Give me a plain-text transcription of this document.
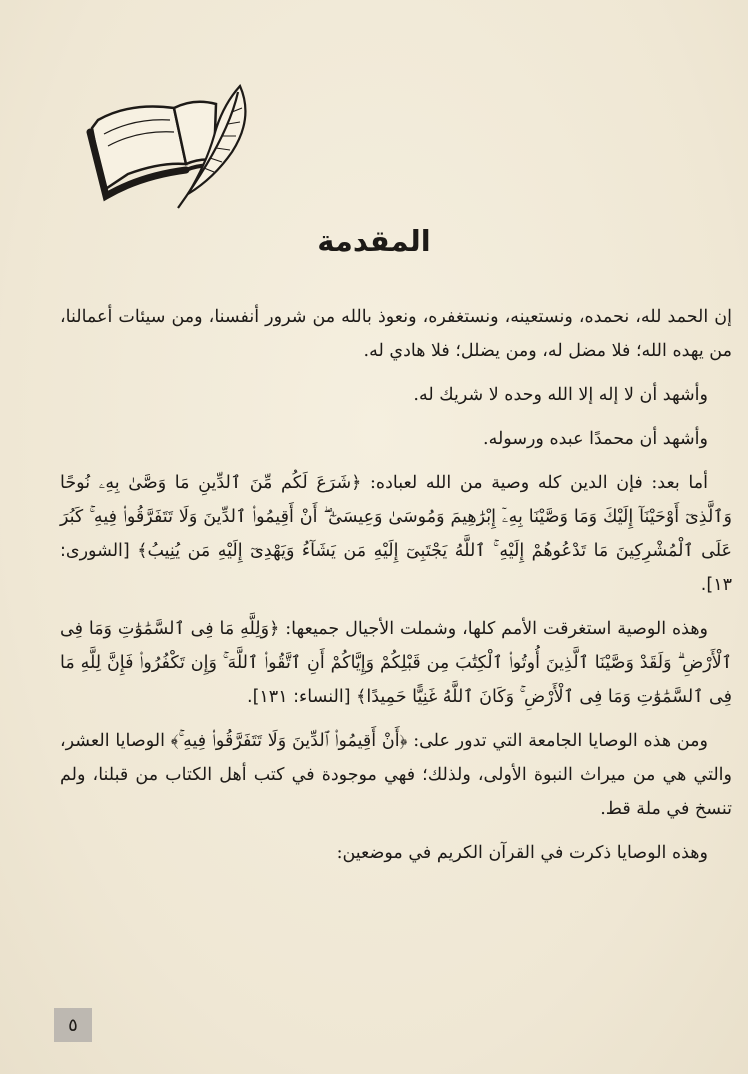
المقدمة

إن الحمد لله، نحمده، ونستعينه، ونستغفره، ونعوذ بالله من شرور أنفسنا، ومن سيئات أعمالنا، من يهده الله؛ فلا مضل له، ومن يضلل؛ فلا هادي له.

وأشهد أن لا إله إلا الله وحده لا شريك له.

وأشهد أن محمدًا عبده ورسوله.

أما بعد: فإن الدين كله وصية من الله لعباده: ﴿شَرَعَ لَكُم مِّنَ ٱلدِّينِ مَا وَصَّىٰ بِهِۦ نُوحًا وَٱلَّذِىٓ أَوْحَيْنَآ إِلَيْكَ وَمَا وَصَّيْنَا بِهِۦٓ إِبْرَٰهِيمَ وَمُوسَىٰ وَعِيسَىٰٓ ۖ أَنْ أَقِيمُوا۟ ٱلدِّينَ وَلَا تَتَفَرَّقُوا۟ فِيهِ ۚ كَبُرَ عَلَى ٱلْمُشْرِكِينَ مَا تَدْعُوهُمْ إِلَيْهِ ۚ ٱللَّهُ يَجْتَبِىٓ إِلَيْهِ مَن يَشَآءُ وَيَهْدِىٓ إِلَيْهِ مَن يُنِيبُ﴾ [الشورى: ١٣].

وهذه الوصية استغرقت الأمم كلها، وشملت الأجيال جميعها: ﴿وَلِلَّهِ مَا فِى ٱلسَّمَٰوَٰتِ وَمَا فِى ٱلْأَرْضِ ۗ وَلَقَدْ وَصَّيْنَا ٱلَّذِينَ أُوتُوا۟ ٱلْكِتَٰبَ مِن قَبْلِكُمْ وَإِيَّاكُمْ أَنِ ٱتَّقُوا۟ ٱللَّهَ ۚ وَإِن تَكْفُرُوا۟ فَإِنَّ لِلَّهِ مَا فِى ٱلسَّمَٰوَٰتِ وَمَا فِى ٱلْأَرْضِ ۚ وَكَانَ ٱللَّهُ غَنِيًّا حَمِيدًا﴾ [النساء: ١٣١].

ومن هذه الوصايا الجامعة التي تدور على: ﴿أَنْ أَقِيمُوا۟ ٱلدِّينَ وَلَا تَتَفَرَّقُوا۟ فِيهِ ۚ﴾ الوصايا العشر، والتي هي من ميراث النبوة الأولى، ولذلك؛ فهي موجودة في كتب أهل الكتاب من قبلنا، ولم تنسخ في ملة قط.

وهذه الوصايا ذكرت في القرآن الكريم في موضعين:

٥
